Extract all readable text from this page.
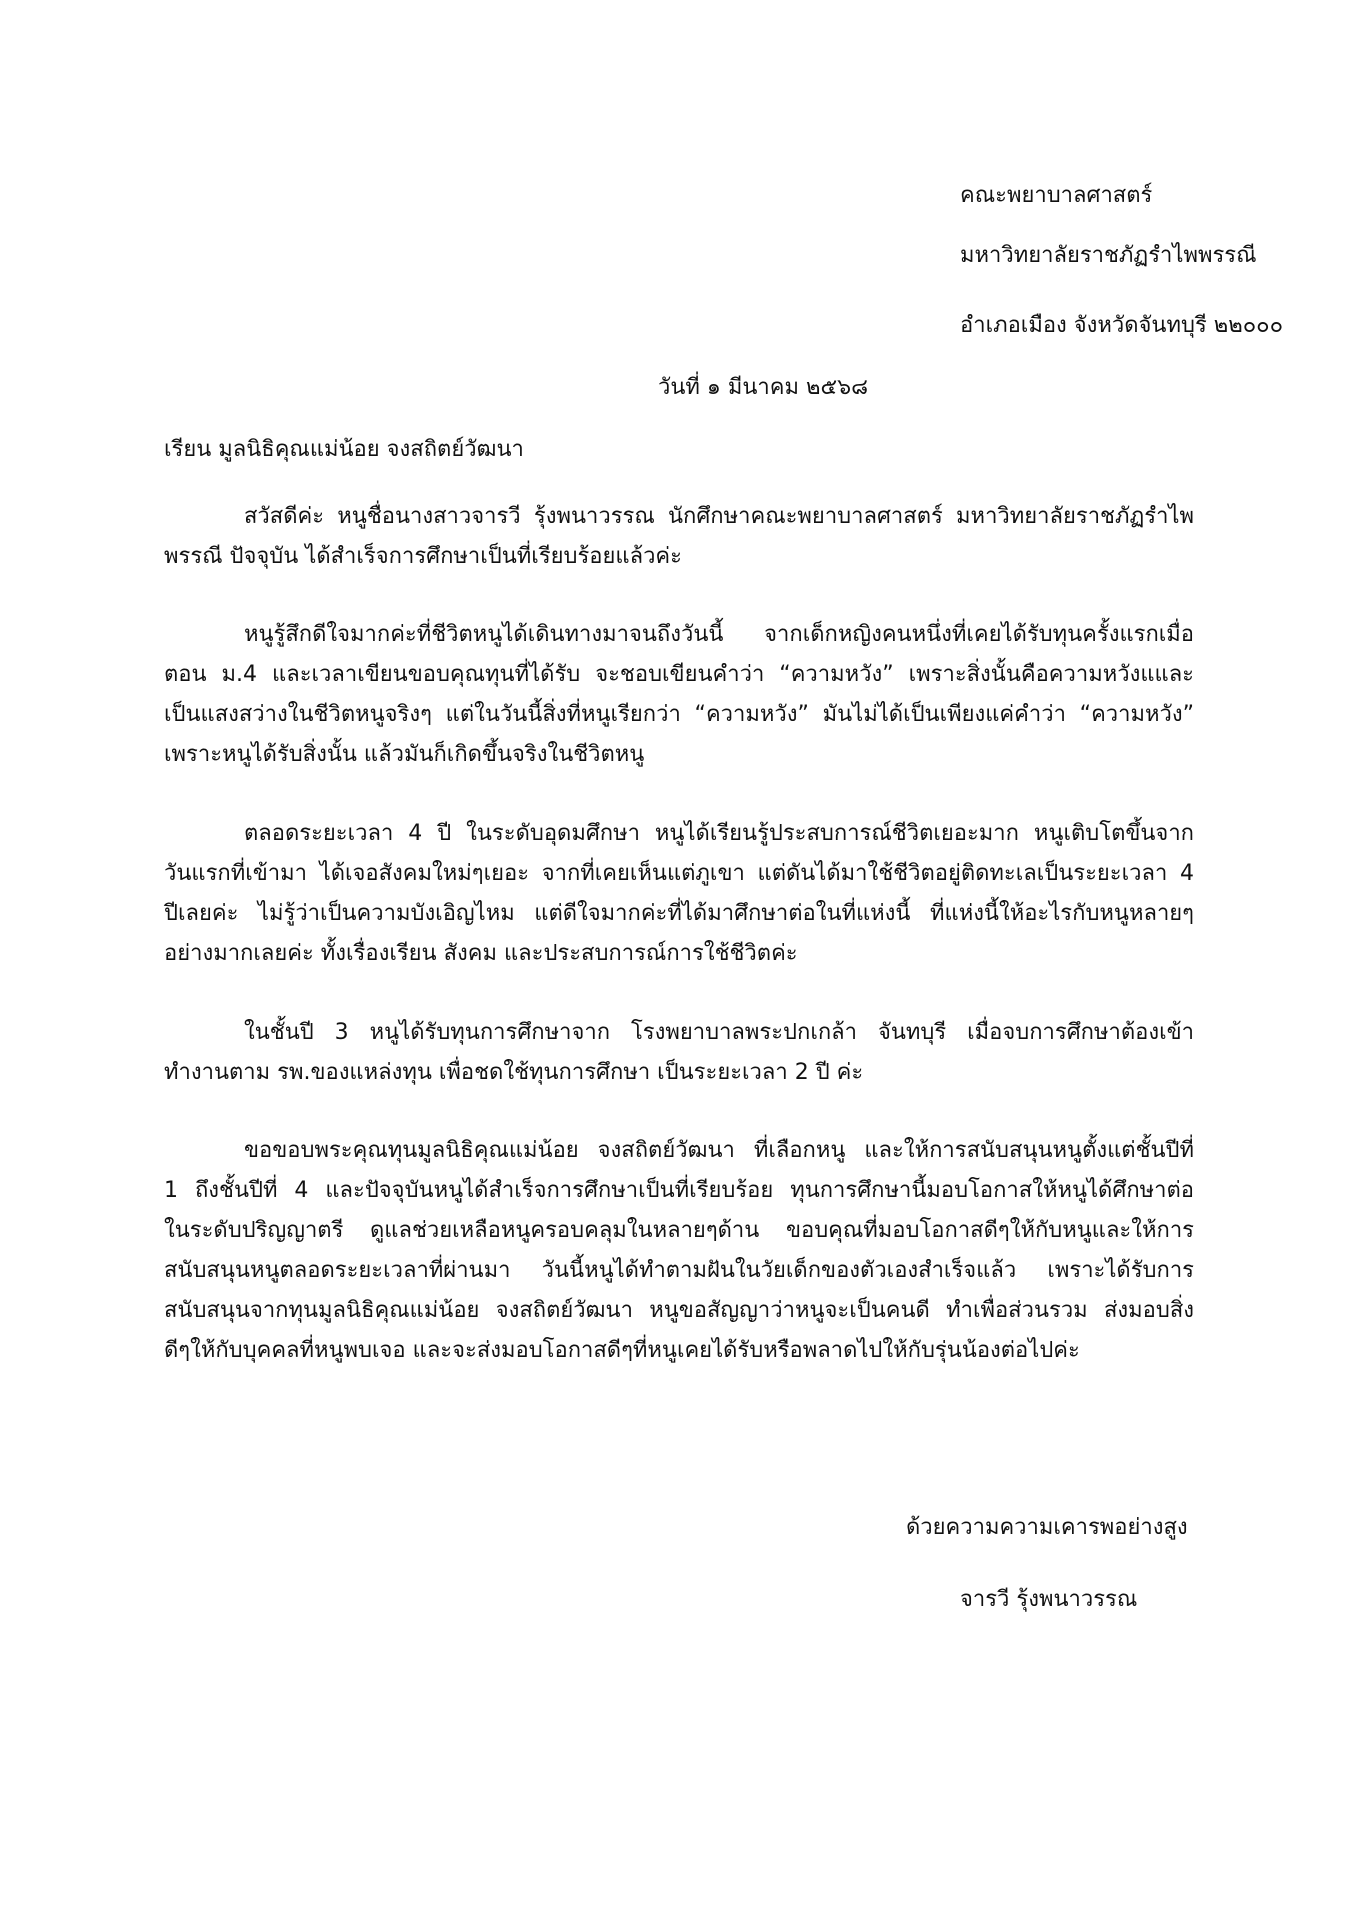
คณะพยาบาลศาสตร์

มหาวิทยาลัยราชภัฏรำไพพรรณี

อำเภอเมือง จังหวัดจันทบุรี ๒๒๐๐๐

วันที่ ๑ มีนาคม ๒๕๖๘

เรียน มูลนิธิคุณแม่น้อย จงสถิตย์วัฒนา

สวัสดีค่ะ หนูชื่อนางสาวจารวี รุ้งพนาวรรณ นักศึกษาคณะพยาบาลศาสตร์ มหาวิทยาลัยราชภัฏรำไพ
พรรณี ปัจจุบัน ได้สำเร็จการศึกษาเป็นที่เรียบร้อยแล้วค่ะ
หนูรู้สึกดีใจมากค่ะที่ชีวิตหนูได้เดินทางมาจนถึงวันนี้ จากเด็กหญิงคนหนึ่งที่เคยได้รับทุนครั้งแรกเมื่อ
ตอน ม.4 และเวลาเขียนขอบคุณทุนที่ได้รับ จะชอบเขียนคำว่า “ความหวัง” เพราะสิ่งนั้นคือความหวังแและ
เป็นแสงสว่างในชีวิตหนูจริงๆ แต่ในวันนี้สิ่งที่หนูเรียกว่า “ความหวัง” มันไม่ได้เป็นเพียงแค่คำว่า “ความหวัง”
เพราะหนูได้รับสิ่งนั้น แล้วมันก็เกิดขึ้นจริงในชีวิตหนู
ตลอดระยะเวลา 4 ปี ในระดับอุดมศึกษา หนูได้เรียนรู้ประสบการณ์ชีวิตเยอะมาก หนูเติบโตขึ้นจาก
วันแรกที่เข้ามา ได้เจอสังคมใหม่ๆเยอะ จากที่เคยเห็นแต่ภูเขา แต่ดันได้มาใช้ชีวิตอยู่ติดทะเลเป็นระยะเวลา 4
ปีเลยค่ะ ไม่รู้ว่าเป็นความบังเอิญไหม แต่ดีใจมากค่ะที่ได้มาศึกษาต่อในที่แห่งนี้ ที่แห่งนี้ให้อะไรกับหนูหลายๆ
อย่างมากเลยค่ะ ทั้งเรื่องเรียน สังคม และประสบการณ์การใช้ชีวิตค่ะ
ในชั้นปี 3 หนูได้รับทุนการศึกษาจาก โรงพยาบาลพระปกเกล้า จันทบุรี เมื่อจบการศึกษาต้องเข้า
ทำงานตาม รพ.ของแหล่งทุน เพื่อชดใช้ทุนการศึกษา เป็นระยะเวลา 2 ปี ค่ะ
ขอขอบพระคุณทุนมูลนิธิคุณแม่น้อย จงสถิตย์วัฒนา ที่เลือกหนู และให้การสนับสนุนหนูตั้งแต่ชั้นปีที่
1 ถึงชั้นปีที่ 4 และปัจจุบันหนูได้สำเร็จการศึกษาเป็นที่เรียบร้อย ทุนการศึกษานี้มอบโอกาสให้หนูได้ศึกษาต่อ
ในระดับปริญญาตรี ดูแลช่วยเหลือหนูครอบคลุมในหลายๆด้าน ขอบคุณที่มอบโอกาสดีๆให้กับหนูและให้การ
สนับสนุนหนูตลอดระยะเวลาที่ผ่านมา วันนี้หนูได้ทำตามฝันในวัยเด็กของตัวเองสำเร็จแล้ว เพราะได้รับการ
สนับสนุนจากทุนมูลนิธิคุณแม่น้อย จงสถิตย์วัฒนา หนูขอสัญญาว่าหนูจะเป็นคนดี ทำเพื่อส่วนรวม ส่งมอบสิ่ง
ดีๆให้กับบุคคลที่หนูพบเจอ และจะส่งมอบโอกาสดีๆที่หนูเคยได้รับหรือพลาดไปให้กับรุ่นน้องต่อไปค่ะ

ด้วยความความเคารพอย่างสูง

จารวี รุ้งพนาวรรณ
